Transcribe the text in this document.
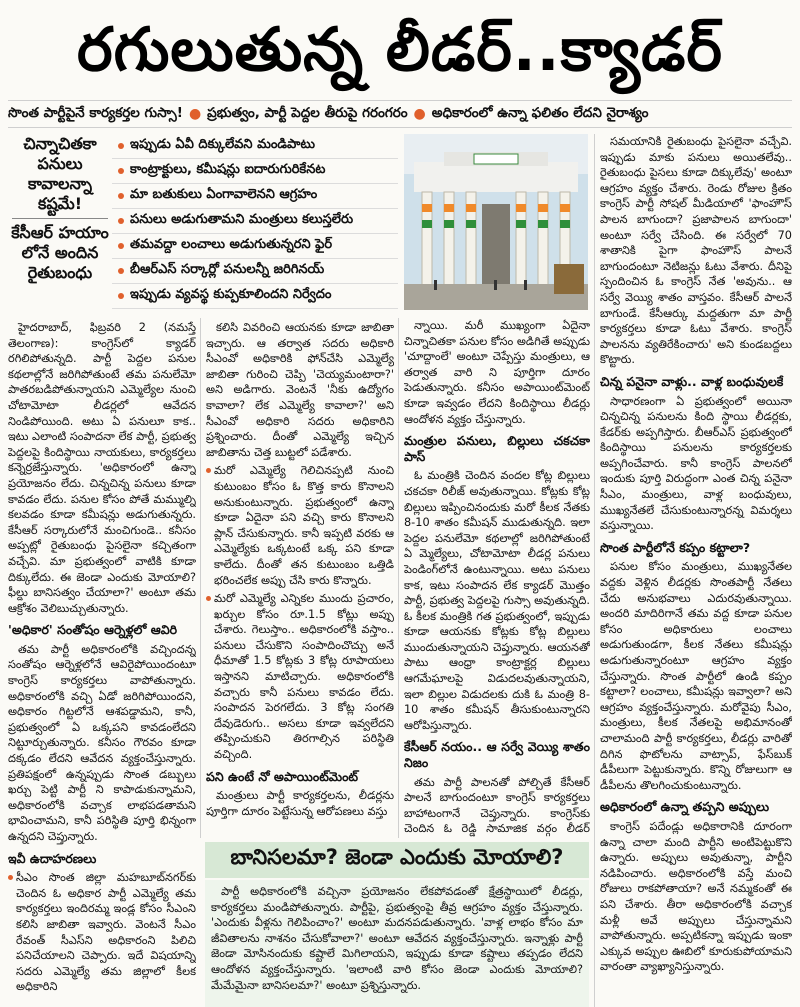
రగులుతున్న లీడర్..క్యాడర్
సొంత పార్టీపైనే కార్యకర్తల గుస్సా! ● ప్రభుత్వం, పార్టీ పెద్దల తీరుపై గరంగరం ● అధికారంలో ఉన్నా ఫలితం లేదని నైరాశ్యం
చిన్నాచితకా పనులు కావాలన్నా కష్టమే!
కేసీఆర్ హయాం లోనే అందిన రైతుబంధు
ఇప్పుడు ఏవీ దిక్కులేవని మండిపాటు
కాంట్రాక్టులు, కమీషన్లు ఐదారుగురికేనట
మా బతుకులు ఏంగావాలెనని ఆగ్రహం
పనులు అడుగుతామని మంత్రులు కలుస్తలేరు
తమవద్దా లంచాలు అడుగుతున్నరని ఫైర్
బీఆర్ఎస్ సర్కార్లో పనులన్నీ జరిగినయ్
ఇప్పుడు వ్యవస్థ కుప్పకూలిందని నిర్వేదం

హైదరాబాద్, ఫిబ్రవరి 2 (నమస్తే తెలంగాణ): కాంగ్రెస్‌లో క్యాడర్ రగిలిపోతున్నది. పార్టీ పెద్దల పనుల కథలాల్లోనే జరిగిపోతుంటే తమ పనులేమో పాతరబడిపోతున్నాయని ఎమ్మెల్యేల నుంచి చోటామోటా లీడర్లలో ఆవేదన నిండిపోయింది. అటు ఏ పనులూ కాక.. ఇటు ఎలాంటి సంపాదనా లేక పార్టీ, ప్రభుత్వ పెద్దలపై కిందిస్థాయి నాయకులు, కార్యకర్తలు కన్నెర్రజేస్తున్నారు. 'అధికారంలో ఉన్నా ప్రయోజనం లేదు. చిన్నచిన్న పనులు కూడా కావడం లేదు. పనుల కోసం పోతే మమ్ముల్ని కలవడం కూడా కమీషన్లు అడుగుతున్నరు. కేసీఆర్ సర్కారులోనే మంచిగుండె.. కనీసం అప్పట్లో రైతుబంధు పైసలైనా కచ్చితంగా వచ్చేవి. మా ప్రభుత్వంలో వాటికి కూడా దిక్కులేదు. ఈ జెండా ఎందుకు మోయాలి? ఫీల్డు బానిసత్వం చేయాలా?' అంటూ తమ ఆక్రోశం వెలిబుచ్చుతున్నారు.

'అధికార' సంతోషం ఆర్నెళ్లలో ఆవిరి

తమ పార్టీ అధికారంలోకి వచ్చిందన్న సంతోషం ఆర్నెళ్లలోనే ఆవిరైపోయిందంటూ కాంగ్రెస్ కార్యకర్తలు వాపోతున్నారు. అధికారంలోకి వచ్చి ఏడో జరిగిపోయిందని, అధికారం గిట్టలోనే ఆశపడ్డామని, కానీ, ప్రభుత్వంలో ఏ ఒక్కపని కావడంలేదని నిట్టూర్చుతున్నారు. కనీసం గౌరవం కూడా దక్కడం లేదని ఆవేదన వ్యక్తంచేస్తున్నారు. ప్రతిపక్షంలో ఉన్నప్పుడు సొంత డబ్బులు ఖర్చు పెట్టి పార్టీ ని కాపాడుకున్నామని, అధికారంలోకి వచ్చాక లాభపడతామని భావించామని, కానీ పరిస్థితి పూర్తి భిన్నంగా ఉన్నదని చెప్తున్నారు.

ఇవీ ఉదాహరణలు

సీఎం సొంత జిల్లా మహబూబ్‌నగర్‌కు చెందిన ఓ అధికార పార్టీ ఎమ్మెల్యే తమ కార్యకర్తలు ఇందిరమ్మ ఇండ్ల కోసం సీఎంని కలిసి జాబితా ఇవ్వారు. వెంటనే సీఎం రేవంత్ సీఎస్‌ని అధికారంని పిలిచి పనిచేయాలని చెప్పారు. ఇదే విషయాన్ని సదరు ఎమ్మెల్యే తమ జిల్లాలో కీలక అధికారిని

కలిసి వివరించి ఆయనకు కూడా జాబితా ఇచ్చారు. ఆ తర్వాత సదరు అధికారి సీఎంవో అధికారికి ఫోన్‌చేసి ఎమ్మెల్యే జాబితా గురించి చెప్పి 'చెయ్యమంటారా?' అని అడిగారు. వెంటనే 'నీకు ఉద్యోగం కావాలా? లేక ఎమ్మెల్యే కావాలా?' అని సీఎంవో అధికారి సదరు అధికారిని ప్రశ్నించారు. దీంతో ఎమ్మెల్యే ఇచ్చిన జాబితాను చెత్త బుట్టలో పడేశారు.

మరో ఎమ్మెల్యే గెలిచినప్పటి నుంచి కుటుంబం కోసం ఓ కొత్త కారు కొనాలని అనుకుంటున్నారు. ప్రభుత్వంలో ఉన్నా కూడా ఏదైనా పని వచ్చి కారు కొనాలని ప్లాన్ చేసుకున్నారు. కానీ ఇప్పటి వరకు ఆ ఎమ్మెల్యేకు ఒక్కటంటే ఒక్క పని కూడా కాలేదు. దీంతో తన కుటుంబం ఒత్తిడి భరించలేక అప్పు చేసి కారు కొన్నారు.

మరో ఎమ్మెల్యే ఎన్నికల ముందు ప్రచారం, ఖర్చుల కోసం రూ.1.5 కోట్లు అప్పు చేశారు. గెలుస్తాం.. అధికారంలోకి వస్తాం.. పనులు చేసుకొని సంపాదించొచ్చు అనే ధీమాతో 1.5 కోట్లకు 3 కోట్ల రూపాయలు ఇస్తానని మాటిచ్చారు. అధికారంలోకి వచ్చారు కానీ పనులు కావడం లేదు. సంపాదన పెరగలేదు. 3 కోట్ల సంగతి దేవుడెరుగు.. అసలు కూడా ఇవ్వలేదని తప్పించుకుని తిరగాల్సిన పరిస్థితి వచ్చింది.

పని ఉంటే నో అపాయింట్‌మెంట్

మంత్రులు పార్టీ కార్యకర్తలను, లీడర్లను పూర్తిగా దూరం పెట్టేసున్న ఆరోపణలు వస్తు

న్నాయి. మరీ ముఖ్యంగా ఏదైనా చిన్నాచితకా పనుల కోసం అడిగితే అప్పుడు 'చూద్దాంలే' అంటూ చెప్పేస్తు మంత్రులు, ఆ తర్వాత వారి ని పూర్తిగా దూరం పెడుతున్నారు. కనీసం అపాయింట్‌మెంట్ కూడా ఇవ్వడం లేదని కిందిస్థాయి లీడర్లు ఆందోళన వ్యక్తం చేస్తున్నారు.

మంత్రుల పనులు, బిల్లులు చకచకా పాస్

ఓ మంత్రికి చెందిన వందల కోట్ల బిల్లులు చకచకా రిలీజ్ అవుతున్నాయి. కోట్లకు కోట్ల బిల్లులు ఇప్పించినందుకు మరో కీలక నేతకు 8-10 శాతం కమీషన్ ముడుతున్నది. ఇలా పెద్దల పనులేమో కథలాల్లో జరిగిపోతుంటే ఏ మ్మెల్యేలు, చోటామోటా లీడర్ల పనులు పెండింగ్‌లోనే ఉంటున్నాయి. అటు పనులు కాక, ఇటు సంపాదన లేక క్యాడర్ మొత్తం పార్టీ, ప్రభుత్వ పెద్దలపై గుస్సా అవుతున్నది. ఓ కీలక మంత్రికి గత ప్రభుత్వంలో, ఇప్పుడు కూడా ఆయనకు కోట్లకు కోట్ల బిల్లులు ముందుతున్నాయని చెప్తున్నారు. ఆయనతో పాటు ఆంధ్రా కాంట్రాక్టర్ల బిల్లులు ఆగమేఘాలపై విడుదలవుతున్నాయని, ఇలా బిల్లుల విడుదలకు దుకి ఓ మంత్రి 8-10 శాతం కమీషన్ తీసుకుంటున్నారని ఆరోపిస్తున్నారు.

కేసీఆర్ నయం.. ఆ సర్వే వెయ్యి శాతం నిజం

తమ పార్టీ పాలనతో పోల్చితే కేసీఆర్ పాలనే బాగుందంటూ కాంగ్రెస్ కార్యకర్తలు బాహాటంగానే చెప్తున్నారు. కాంగ్రెస్‌కు చెందిన ఓ రెడ్డి సామాజిక వర్గం లీడర్

సమయానికి రైతుబంధు పైసలైనా వచ్చేవి. ఇప్పుడు మాకు పనులు అయితలేవు.. రైతుబంధు పైసలు కూడా దిక్కులేవు' అంటూ ఆగ్రహం వ్యక్తం చేశారు. రెండు రోజుల క్రితం కాంగ్రెస్ పార్టీ సోషల్ మీడియాలో 'ఫాంహౌస్ పాలన బాగుందా? ప్రజాపాలన బాగుందా' అంటూ సర్వే చేసింది. ఈ సర్వేలో 70 శాతానికి పైగా ఫాంహౌస్ పాలనే బాగుందంటూ నెటిజన్లు ఓటు వేశారు. దీనిపై స్పందించిన ఓ కాంగ్రెస్ నేత 'అవును.. ఆ సర్వే వెయ్యి శాతం వాస్తవం. కేసీఆర్ పాలనే బాగుండే. కేసీఆర్కు మద్దతుగా మా పార్టీ కార్యకర్తలు కూడా ఓటు వేశారు. కాంగ్రెస్ పాలనను వ్యతిరేకించారు' అని కుండబద్దలు కొట్టారు.

చిన్న పనైనా వాళ్లు.. వాళ్ల బంధువులకే

సాధారణంగా ఏ ప్రభుత్వంలో అయినా చిన్నచిన్న పనులను కింది స్థాయి లీడర్లకు, కేడర్‌కు అప్పగిస్తారు. బీఆర్ఎస్ ప్రభుత్వంలో కిందిస్థాయి పనులను కార్యకర్తలకు అప్పగించేవారు. కానీ కాంగ్రెస్ పాలనలో ఇందుకు పూర్తి విరుద్ధంగా ఎంత చిన్న పనైనా సీఎం, మంత్రులు, వాళ్ల బంధువులు, ముఖ్యనేతలే చేసుకుంటున్నారన్న విమర్శలు వస్తున్నాయి.

సొంత పార్టీలోనే కప్పం కట్టాలా?

పనుల కోసం మంత్రులు, ముఖ్యనేతల వద్దకు వెళ్లిన లీడర్లకు సొంతపార్టీ నేతలు చేదు అనుభవాలు ఎదురవుతున్నాయి. అందరి మాదిరిగానే తమ వద్ద కూడా పనుల కోసం అధికారులు లంచాలు అడుగుతుండగా, కీలక నేతలు కమీషన్లు అడుగుతున్నారంటూ ఆగ్రహం వ్యక్తం చేస్తున్నారు. సొంత పార్టీలో ఉండి కప్పం కట్టాలా? లంచాలు, కమీషన్లు ఇవ్వాలా? అని ఆగ్రహం వ్యక్తంచేస్తున్నారు. మరోవైపు సీఎం, మంత్రులు, కీలక నేతలపై అభిమానంతో చాలామంది పార్టీ కార్యకర్తలు, లీడర్లు వారితో దిగిన ఫొటోలను వాట్సాప్, ఫేస్‌బుక్ డీపీలుగా పెట్టుకున్నారు. కొన్ని రోజులుగా ఆ డీపీలను తొలగించుకుంటున్నారు.

అధికారంలో ఉన్నా తప్పని అప్పులు

కాంగ్రెస్ పదేండ్లు అధికారానికి దూరంగా ఉన్నా చాలా మంది పార్టీని అంటిపెట్టుకొని ఉన్నారు. అప్పులు అవుతున్నా, పార్టీని నడిపించారు. అధికారంలోకి వస్తే మంచి రోజులు రాకపోతాయా? అనే నమ్మకంతో ఈ పని చేశారు. తీరా అధికారంలోకి వచ్చాక మళ్లీ అవే అప్పులు చేస్తున్నామని వాపోతున్నారు. అప్పటికన్నా ఇప్పుడు ఇంకా ఎక్కువ అప్పుల ఊబిలో కూరుకుపోయామని వారంతా వ్యాఖ్యానిస్తున్నారు.

బానిసలమా? జెండా ఎందుకు మోయాలి?

పార్టీ అధికారంలోకి వచ్చినా ప్రయోజనం లేకపోవడంతో క్షేత్రస్థాయిలో లీడర్లు, కార్యకర్తలు మండిపోతున్నారు. పార్టీపై, ప్రభుత్వంపై తీవ్ర ఆగ్రహం వ్యక్తం చేస్తున్నారు. 'ఎందుకు వీళ్లను గెలిపించాం?' అంటూ మదనపడుతున్నారు. 'వాళ్ల లాభం కోసం మా జీవితాలను నాశనం చేసుకోవాలా?' అంటూ ఆవేదన వ్యక్తంచేస్తున్నారు. ఇన్నాళ్లు పార్టీ జెండా మోసినందుకు కష్టాలే మిగిలాయని, ఇప్పుడు కూడా కష్టాలు తప్పడం లేదని ఆందోళన వ్యక్తంచేస్తున్నారు. 'ఇలాంటి వారి కోసం జెండా ఎందుకు మోయాలి? మేమేమైనా బానిసలమా?' అంటూ ప్రశ్నిస్తున్నారు.
